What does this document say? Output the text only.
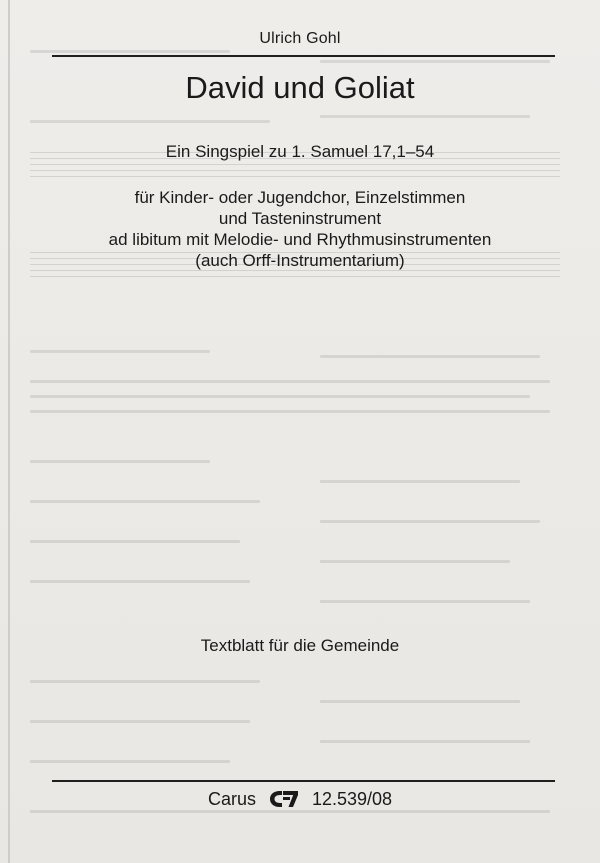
Ulrich Gohl
David und Goliat
Ein Singspiel zu 1. Samuel 17,1–54
für Kinder- oder Jugendchor, Einzelstimmen
und Tasteninstrument
ad libitum mit Melodie- und Rhythmusinstrumenten
(auch Orff-Instrumentarium)
Textblatt für die Gemeinde
Carus	12.539/08
